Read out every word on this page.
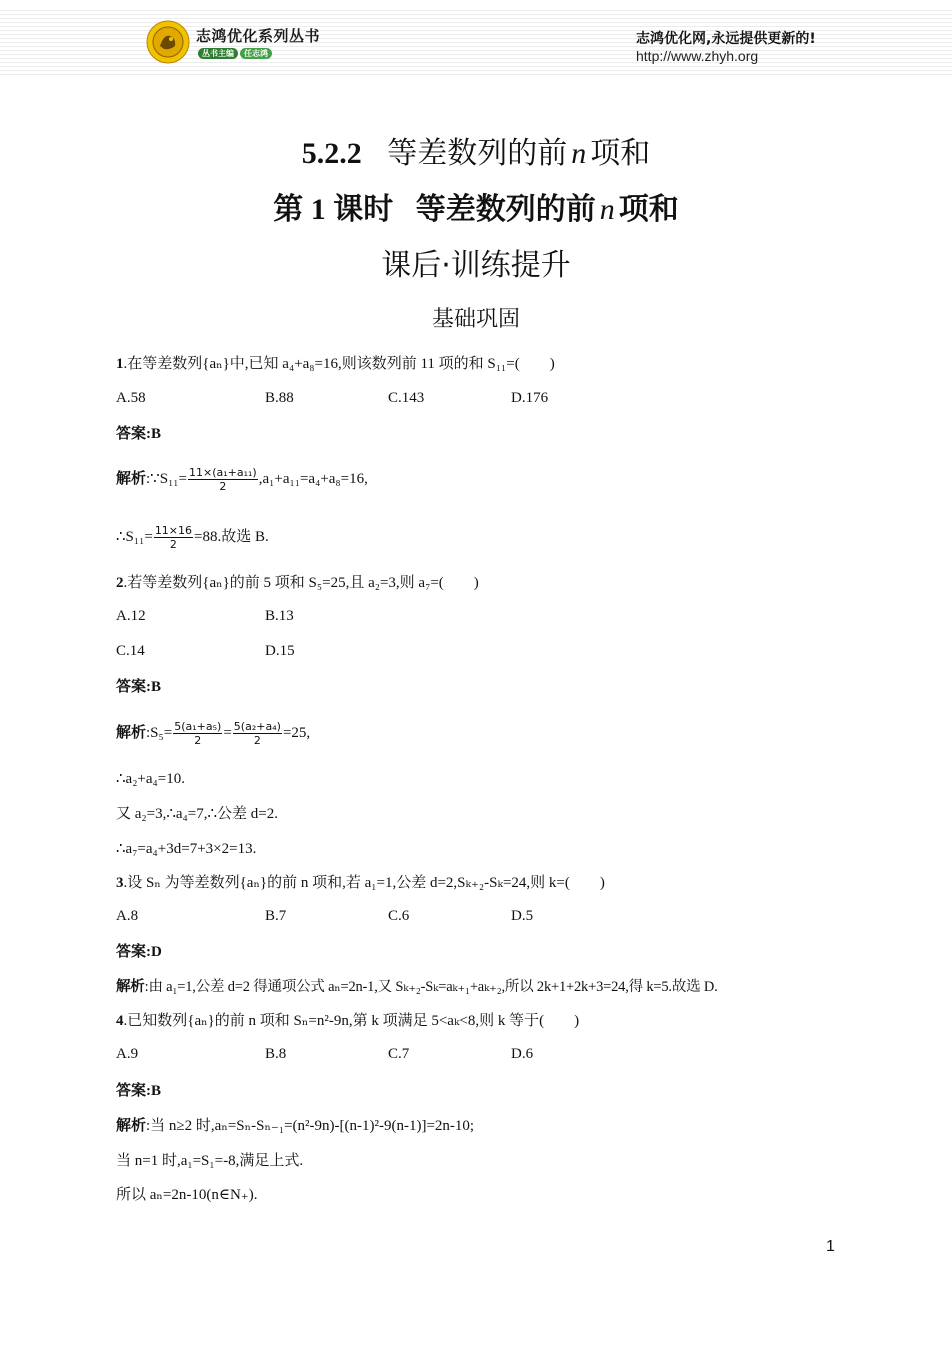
志鸿优化系列丛书
丛书主编	任志鸿
志鸿优化网,永远提供更新的!
http://www.zhyh.org
5.2.2 等差数列的前 n 项和
第 1 课时   等差数列的前 n 项和
课后·训练提升
基础巩固
1.在等差数列{aₙ}中,已知 a₄+a₈=16,则该数列前 11 项的和 S₁₁=(　　)
A.58	B.88	C.143	D.176
答案:B
解析:∵S₁₁= $\frac{\text{11×(a₁+a₁₁)}}{2} ,a_1+a_{11}=a_4+a_8=16$,
∴S₁₁= $\frac{11\times 16}{2} =88$.故选 B.
2.若等差数列{aₙ}的前 5 项和 S₅=25,且 a₂=3,则 a₇=(　　)
A.12	B.13
C.14	D.15
答案:B
解析:S₅= $\frac{\text{5(a₁+a₅)}}{2} = \frac{\text{5(a₂+a₄)}}{2} =25$,
∴a₂+a₄=10.
又 a₂=3,∴a₄=7,∴公差 d=2.
∴a₇=a₄+3d=7+3×2=13.
3.设 Sₙ 为等差数列{aₙ}的前 n 项和,若 a₁=1,公差 d=2,Sₖ₊₂-Sₖ=24,则 k=(　　)
A.8	B.7	C.6	D.5
答案:D
解析:由 a₁=1,公差 d=2 得通项公式 aₙ=2n-1,又 Sₖ₊₂-Sₖ=aₖ₊₁+aₖ₊₂,所以 2k+1+2k+3=24,得 k=5.故选 D.
4.已知数列{aₙ}的前 n 项和 Sₙ=n²-9n,第 k 项满足 5<aₖ<8,则 k 等于(　　)
A.9	B.8	C.7	D.6
答案:B
解析:当 n≥2 时,aₙ=Sₙ-Sₙ₋₁=(n²-9n)-[(n-1)²-9(n-1)]=2n-10;
当 n=1 时,a₁=S₁=-8,满足上式.
所以 aₙ=2n-10(n∈N₊).
1
